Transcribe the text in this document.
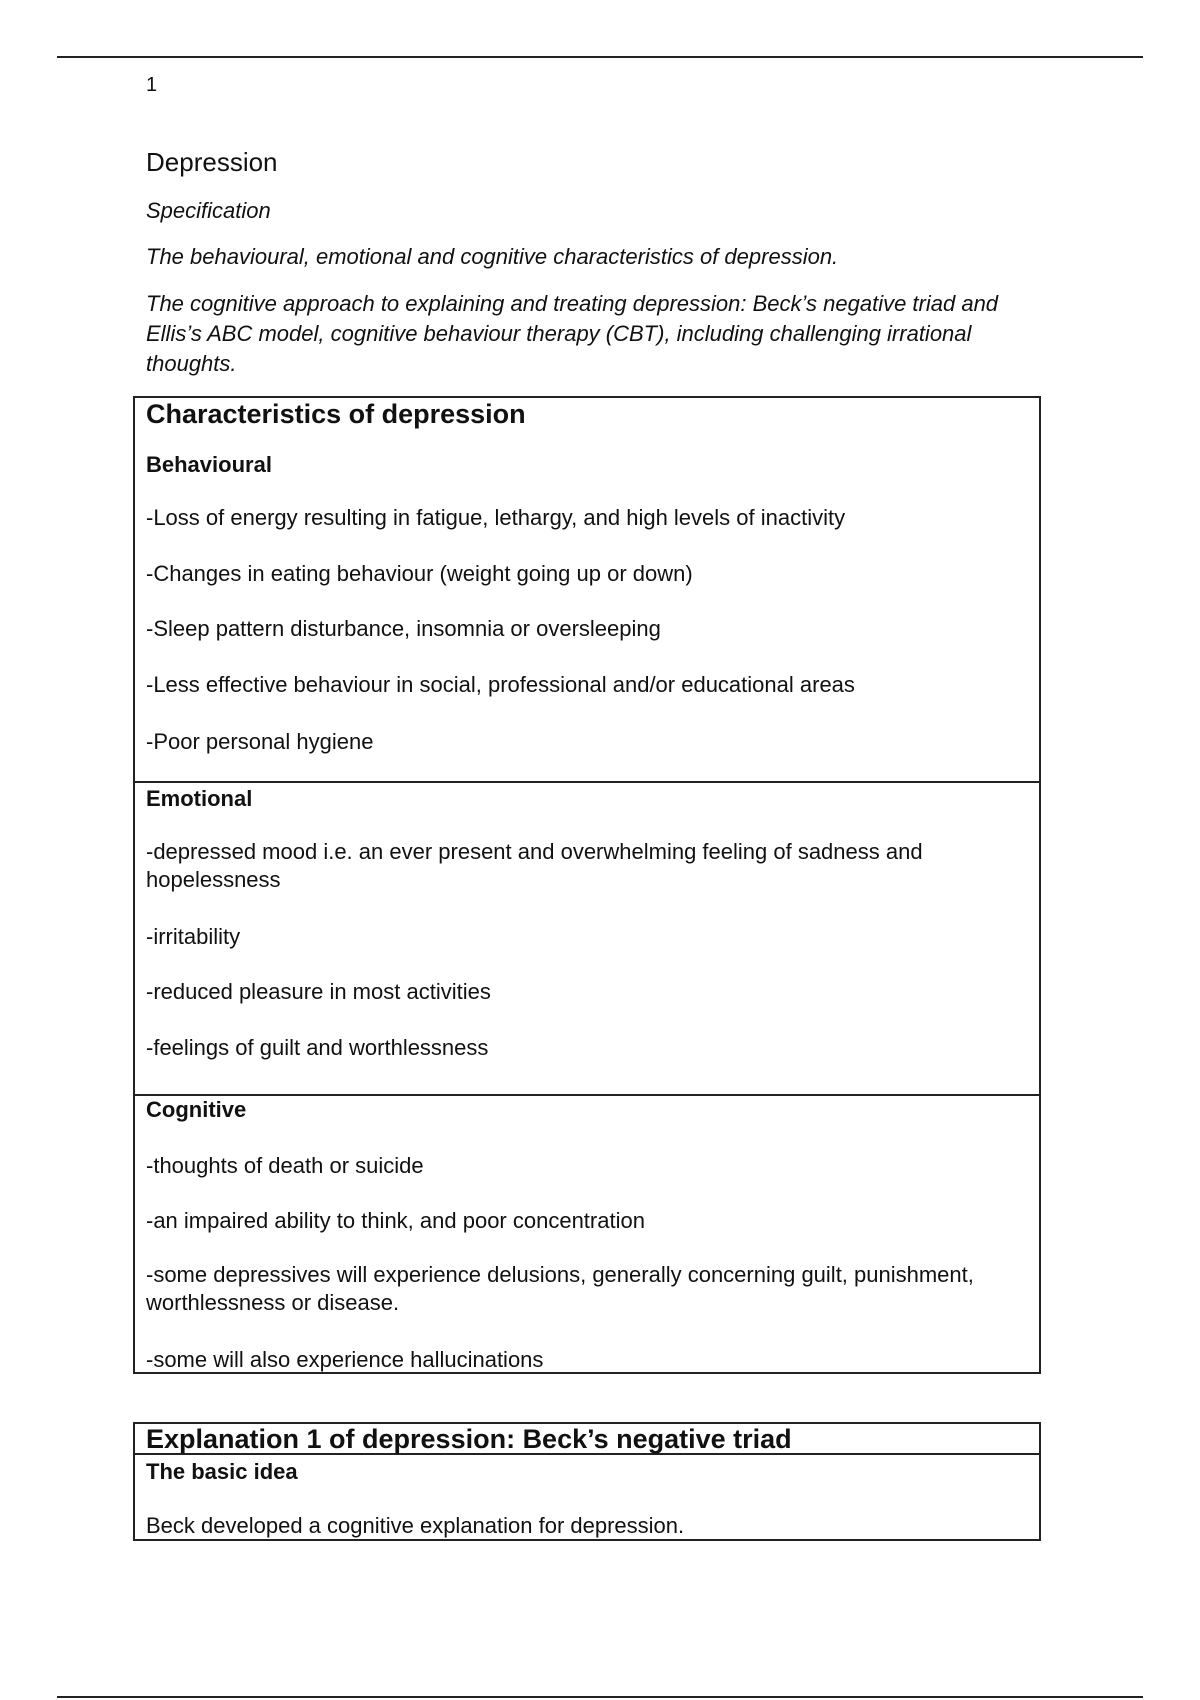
1
Depression
Specification
The behavioural, emotional and cognitive characteristics of depression.
The cognitive approach to explaining and treating depression: Beck’s negative triad and Ellis’s ABC model, cognitive behaviour therapy (CBT), including challenging irrational thoughts.
Characteristics of depression
Behavioural
-Loss of energy resulting in fatigue, lethargy, and high levels of inactivity
-Changes in eating behaviour (weight going up or down)
-Sleep pattern disturbance, insomnia or oversleeping
-Less effective behaviour in social, professional and/or educational areas
-Poor personal hygiene
Emotional
-depressed mood i.e. an ever present and overwhelming feeling of sadness and hopelessness
-irritability
-reduced pleasure in most activities
-feelings of guilt and worthlessness
Cognitive
-thoughts of death or suicide
-an impaired ability to think, and poor concentration
-some depressives will experience delusions, generally concerning guilt, punishment, worthlessness or disease.
-some will also experience hallucinations
Explanation 1 of depression: Beck’s negative triad
The basic idea
Beck developed a cognitive explanation for depression.
